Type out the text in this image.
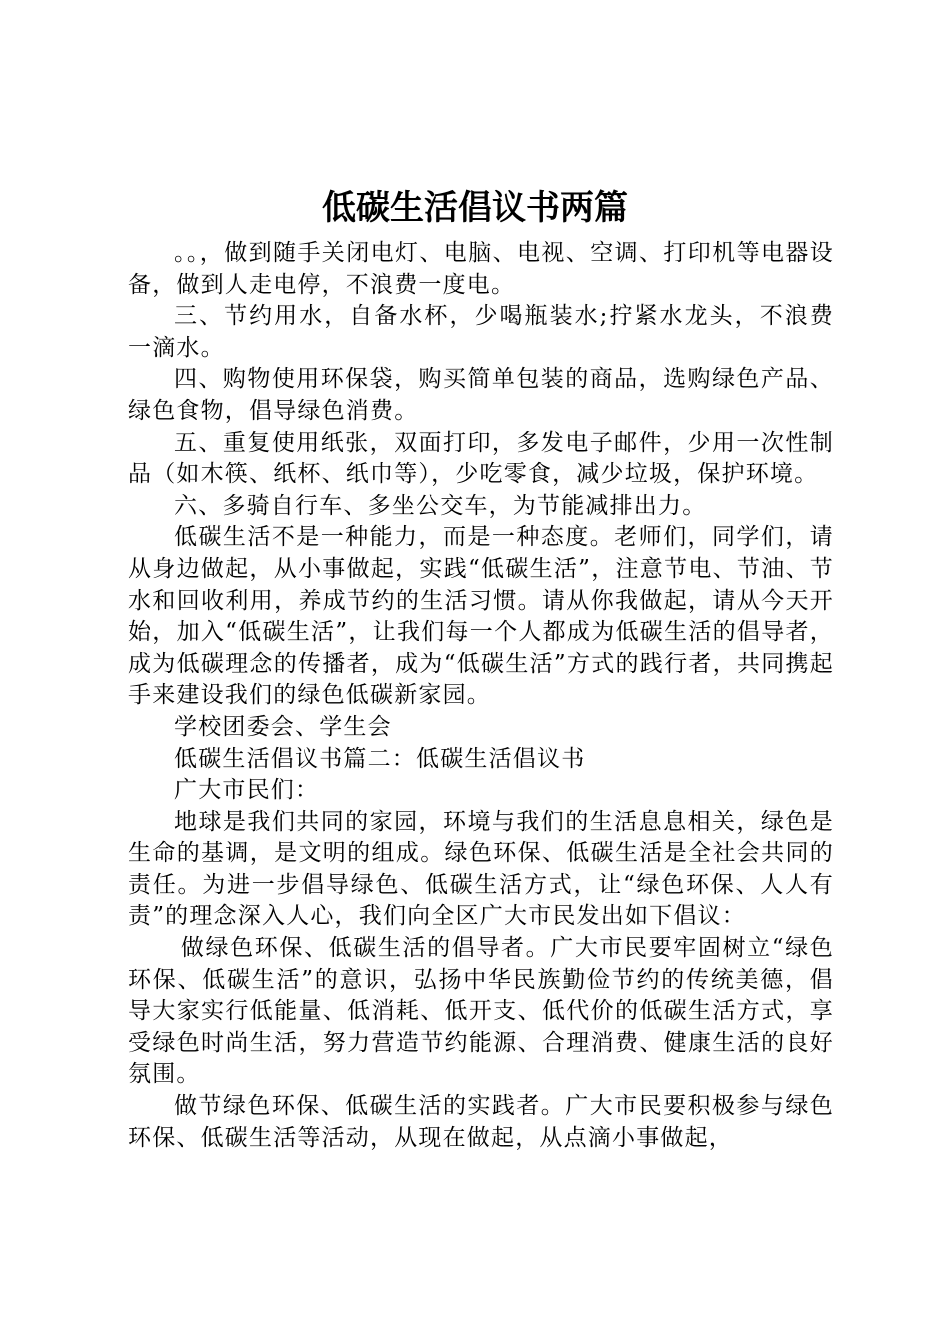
低碳生活倡议书两篇

。。，做到随手关闭电灯、电脑、电视、空调、打印机等电器设备，做到人走电停，不浪费一度电。

三、节约用水，自备水杯，少喝瓶装水;拧紧水龙头，不浪费一滴水。

四、购物使用环保袋，购买简单包装的商品，选购绿色产品、绿色食物，倡导绿色消费。

五、重复使用纸张，双面打印，多发电子邮件，少用一次性制品（如木筷、纸杯、纸巾等），少吃零食，减少垃圾，保护环境。

六、多骑自行车、多坐公交车，为节能减排出力。

低碳生活不是一种能力，而是一种态度。老师们，同学们，请从身边做起，从小事做起，实践“低碳生活”，注意节电、节油、节水和回收利用，养成节约的生活习惯。请从你我做起，请从今天开始，加入“低碳生活”，让我们每一个人都成为低碳生活的倡导者，成为低碳理念的传播者，成为“低碳生活”方式的践行者，共同携起手来建设我们的绿色低碳新家园。

学校团委会、学生会

低碳生活倡议书篇二：低碳生活倡议书

广大市民们：

地球是我们共同的家园，环境与我们的生活息息相关，绿色是生命的基调，是文明的组成。绿色环保、低碳生活是全社会共同的责任。为进一步倡导绿色、低碳生活方式，让“绿色环保、人人有责”的理念深入人心，我们向全区广大市民发出如下倡议：

做绿色环保、低碳生活的倡导者。广大市民要牢固树立“绿色环保、低碳生活”的意识，弘扬中华民族勤俭节约的传统美德，倡导大家实行低能量、低消耗、低开支、低代价的低碳生活方式，享受绿色时尚生活，努力营造节约能源、合理消费、健康生活的良好氛围。

做节绿色环保、低碳生活的实践者。广大市民要积极参与绿色环保、低碳生活等活动，从现在做起，从点滴小事做起，
